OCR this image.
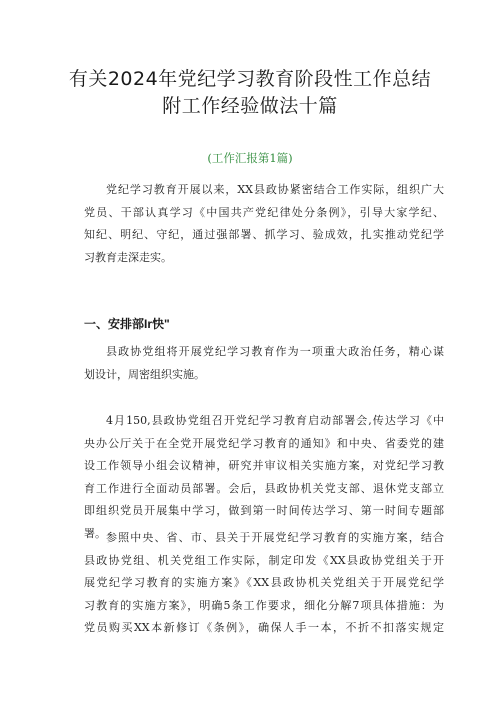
有关2024年党纪学习教育阶段性工作总结
附工作经验做法十篇
(工作汇报第1篇)
党纪学习教育开展以来，XX县政协紧密结合工作实际，组织广大
党员、干部认真学习《中国共产党纪律处分条例》，引导大家学纪、
知纪、明纪、守纪，通过强部署、抓学习、验成效，扎实推动党纪学
习教育走深走实。
一、安排部Ir快"
县政协党组将开展党纪学习教育作为一项重大政治任务，精心谋
划设计，周密组织实施。
4月150,县政协党组召开党纪学习教育启动部署会,传达学习《中
央办公厅关于在全党开展党纪学习教育的通知》和中央、省委党的建
设工作领导小组会议精神，研究并审议相关实施方案，对党纪学习教
育工作进行全面动员部署。会后，县政协机关党支部、退休党支部立
即组织党员开展集中学习，做到第一时间传达学习、第一时间专题部
署。 参照中央、省、市、县关于开展党纪学习教育的实施方案，结合
县政协党组、机关党组工作实际，制定印发《XX县政协党组关于开
展党纪学习教育的实施方案》《XX县政协机关党组关于开展党纪学
习教育的实施方案》，明确5条工作要求，细化分解7项具体措施：为
党员购买XX本新修订《条例》，确保人手一本，不折不扣落实规定
